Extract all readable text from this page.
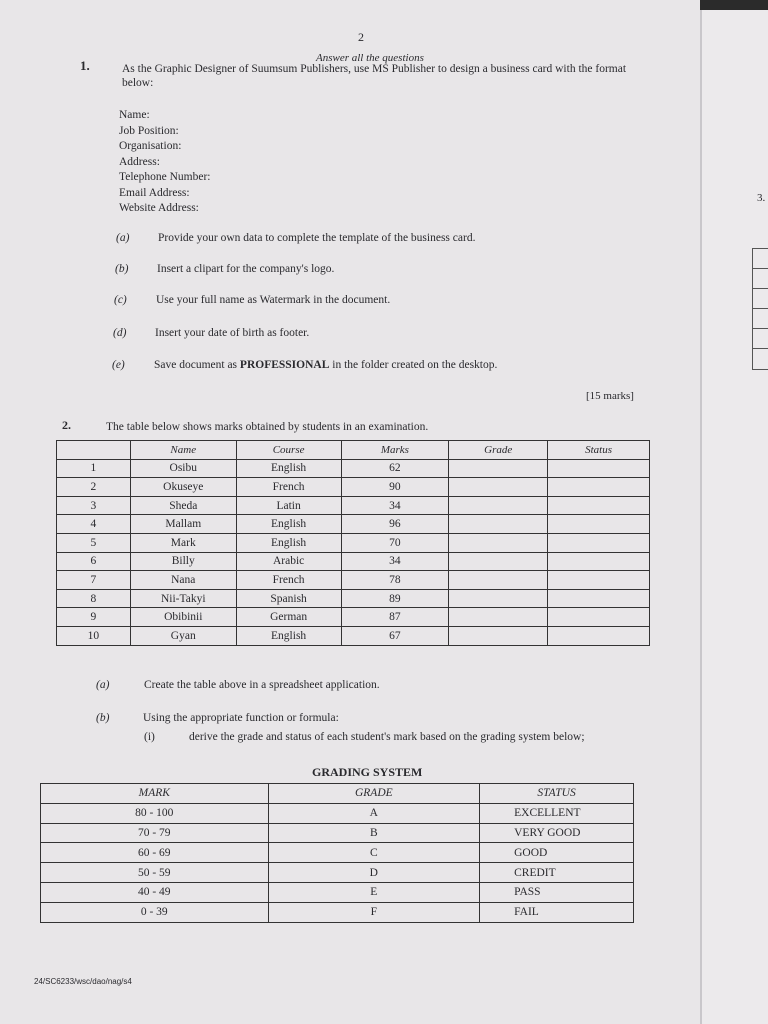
2
Answer all the questions
1.	As the Graphic Designer of Suumsum Publishers, use MS Publisher to design a business card with the format below:
Name:
Job Position:
Organisation:
Address:
Telephone Number:
Email Address:
Website Address:
(a) Provide your own data to complete the template of the business card.
(b) Insert a clipart for the company's logo.
(c)	Use your full name as Watermark in the document.
(d) Insert your date of birth as footer.
(e)	Save document as PROFESSIONAL in the folder created on the desktop.
[15 marks]
2.	The table below shows marks obtained by students in an examination.
	Name	Course	Marks	Grade	Status
1	Osibu	English	62		
2	Okuseye	French	90		
3	Sheda	Latin	34		
4	Mallam	English	96		
5	Mark	English	70		
6	Billy	Arabic	34		
7	Nana	French	78		
8	Nii-Takyi	Spanish	89		
9	Obibinii	German	87		
10	Gyan	English	67		
(a)	Create the table above in a spreadsheet application.
(b)	Using the appropriate function or formula:
(i)	derive the grade and status of each student's mark based on the grading system below;
GRADING SYSTEM
MARK	GRADE	STATUS
80 - 100	A	EXCELLENT
70 - 79	B	VERY GOOD
60 - 69	C	GOOD
50 - 59	D	CREDIT
40 - 49	E	PASS
0 - 39	F	FAIL
24/SC6233/wsc/dao/nag/s4
3.
